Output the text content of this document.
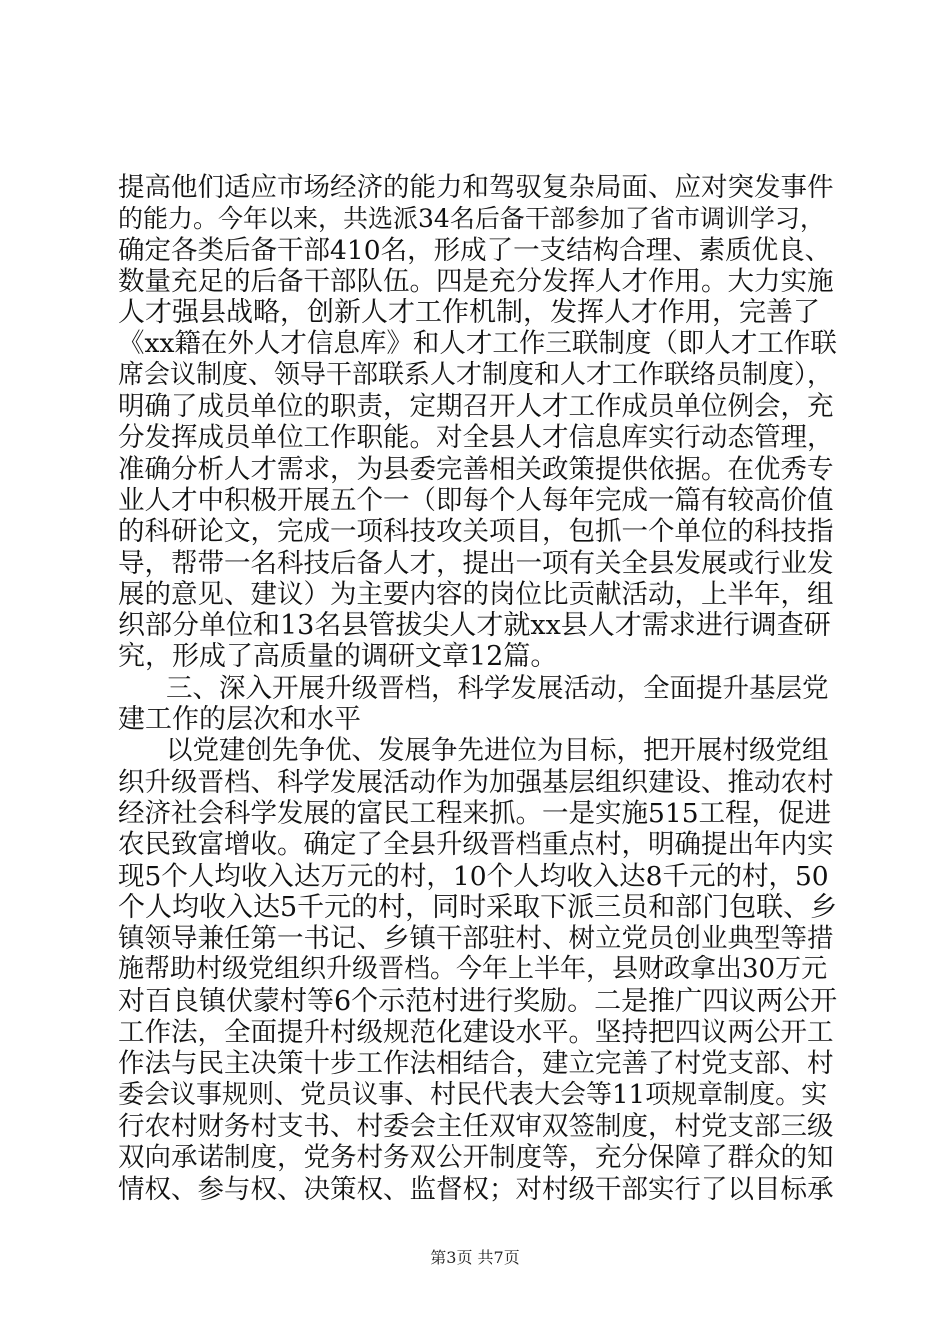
提高他们适应市场经济的能力和驾驭复杂局面、应对突发事件
的能力。今年以来，共选派34名后备干部参加了省市调训学习，
确定各类后备干部410名，形成了一支结构合理、素质优良、
数量充足的后备干部队伍。四是充分发挥人才作用。大力实施
人才强县战略，创新人才工作机制，发挥人才作用，完善了
《xx籍在外人才信息库》和人才工作三联制度（即人才工作联
席会议制度、领导干部联系人才制度和人才工作联络员制度），
明确了成员单位的职责，定期召开人才工作成员单位例会，充
分发挥成员单位工作职能。对全县人才信息库实行动态管理，
准确分析人才需求，为县委完善相关政策提供依据。在优秀专
业人才中积极开展五个一（即每个人每年完成一篇有较高价值
的科研论文，完成一项科技攻关项目，包抓一个单位的科技指
导，帮带一名科技后备人才，提出一项有关全县发展或行业发
展的意见、建议）为主要内容的岗位比贡献活动，上半年，组
织部分单位和13名县管拔尖人才就xx县人才需求进行调查研
究，形成了高质量的调研文章12篇。
三、深入开展升级晋档，科学发展活动，全面提升基层党
建工作的层次和水平
以党建创先争优、发展争先进位为目标，把开展村级党组
织升级晋档、科学发展活动作为加强基层组织建设、推动农村
经济社会科学发展的富民工程来抓。一是实施515工程，促进
农民致富增收。确定了全县升级晋档重点村，明确提出年内实
现5个人均收入达万元的村，10个人均收入达8千元的村，50
个人均收入达5千元的村，同时采取下派三员和部门包联、乡
镇领导兼任第一书记、乡镇干部驻村、树立党员创业典型等措
施帮助村级党组织升级晋档。今年上半年，县财政拿出30万元
对百良镇伏蒙村等6个示范村进行奖励。二是推广四议两公开
工作法，全面提升村级规范化建设水平。坚持把四议两公开工
作法与民主决策十步工作法相结合，建立完善了村党支部、村
委会议事规则、党员议事、村民代表大会等11项规章制度。实
行农村财务村支书、村委会主任双审双签制度，村党支部三级
双向承诺制度，党务村务双公开制度等，充分保障了群众的知
情权、参与权、决策权、监督权；对村级干部实行了以目标承
第3页 共7页
